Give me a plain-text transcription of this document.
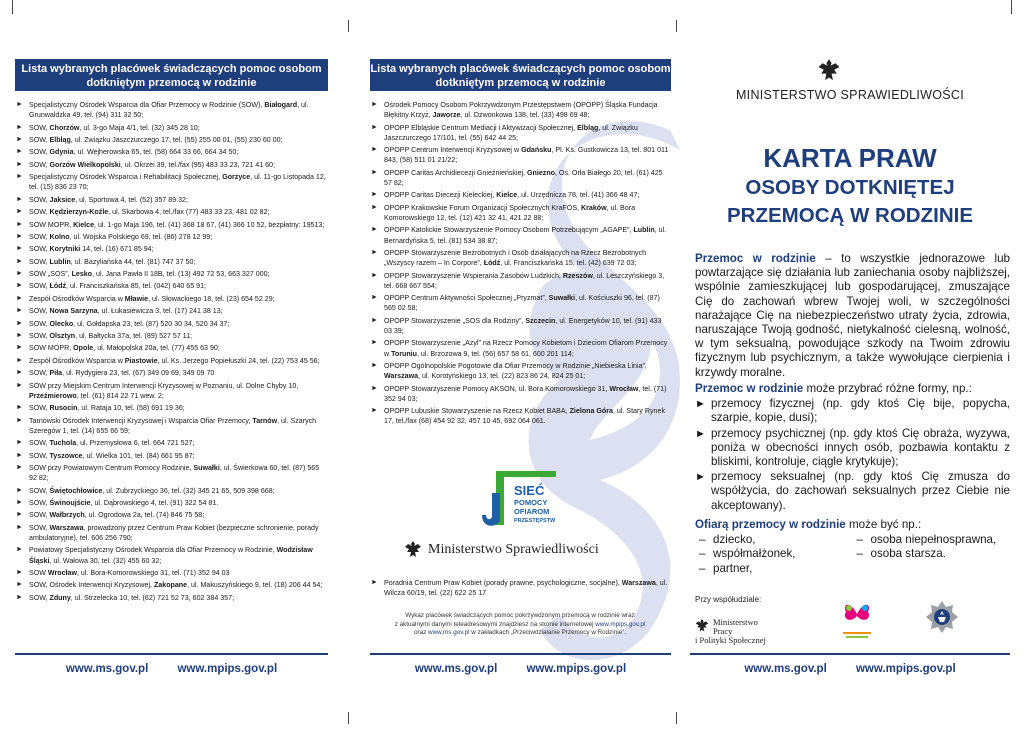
Lista wybranych placówek świadczących pomoc osobom dotkniętym przemocą w rodzinie
► Specjalistyczny Ośrodek Wsparcia dla Ofiar Przemocy w Rodzinie (SOW), Białogard, ul. Grunwaldzka 49, tel. (94) 311 32 50;
► SOW, Chorzów, ul. 3-go Maja 4/1, tel. (32) 345 28 10;
► SOW, Elbląg, ul. Związku Jaszczurczego 17, tel. (55) 255 00 01, (55) 230 60 00;
► SOW, Gdynia, ul. Wejherowska 65, tel. (58) 664 33 66, 664 34 50;
► SOW, Gorzów Wielkopolski, ul. Okrzei 39, tel./fax (95) 483 33 23, 721 41 60;
► Specjalistyczny Ośrodek Wsparcia i Rehabilitacji Społecznej, Gorzyce, ul. 11-go Listopada 12, tel. (15) 836 23 70;
► SOW, Jaksice, ul. Sportowa 4, tel. (52) 357 89 32;
► SOW, Kędzierzyn-Koźle, ul. Skarbowa 4, tel./fax (77) 483 33 23, 481 02 82;
► SOW MOPR, Kielce, ul. 1-go Maja 196, tel. (41) 368 18 67, (41) 366 10 52, bezpłatny: 19513;
► SOW, Kolno, ul. Wojska Polskiego 69, tel. (86) 278 12 99;
► SOW, Korytniki 14, tel. (16) 671 85 94;
► SOW, Lublin, ul. Bazyliańska 44, tel. (81) 747 37 50;
► SOW „SOS”, Lesko, ul. Jana Pawła II 18B, tel. (13) 492 72 53, 663 327 000;
► SOW, Łódź, ul. Franciszkańska 85, tel. (042) 640 65 91;
► Zespół Ośrodków Wsparcia w Mławie, ul. Słowackiego 18, tel. (23) 654 52 29;
► SOW, Nowa Sarzyna, ul. Łukasiewicza 3, tel. (17) 241 38 13;
► SOW, Olecko, ul. Gołdapska 23, tel. (87) 520 30 34, 520 34 37;
► SOW, Olsztyn, ul. Bałtycka 37a, tel. (89) 527 57 11;
► SOW MOPR, Opole, ul. Małopolska 20a, tel. (77) 455 63 90;
► Zespół Ośrodków Wsparcia w Piastowie, ul. Ks. Jerzego Popiełuszki 24, tel. (22) 753 45 56;
► SOW, Piła, ul. Rydygiera 23, tel. (67) 349 09 69, 349 09 70
► SOW przy Miejskim Centrum Interwencji Kryzysowej w Poznaniu, ul. Dolne Chyby 10, Przeźmierowo, tel. (61) 814 22 71 wew. 2;
► SOW, Rusocin, ul. Rataja 10, tel. (58) 691 19 36;
► Tarnowski Ośrodek Interwencji Kryzysowej i Wsparcia Ofiar Przemocy, Tarnów, ul. Szarych Szeregów 1, tel. (14) 655 66 59;
► SOW, Tuchola, ul. Przemysłowa 6, tel. 664 721 527;
► SOW, Tyszowce, ul. Wielka 101, tel. (84) 661 95 87;
► SOW przy Powiatowym Centrum Pomocy Rodzinie, Suwałki, ul. Świerkowa 60, tel. (87) 565 92 82;
► SOW, Świętochłowice, ul. Zubrzyckiego 36, tel. (32) 345 21 65, 509 398 668;
► SOW, Świnoujście, ul. Dąbrowskiego 4, tel. (91) 322 54 81.
► SOW, Wałbrzych, ul. Ogrodowa 2a, tel. (74) 846 75 58;
► SOW, Warszawa, prowadzony przez Centrum Praw Kobiet (bezpieczne schronienie, porady ambulatoryjne), tel. 606 256 790;
► Powiatowy Specjalistyczny Ośrodek Wsparcia dla Ofiar Przemocy w Rodzinie, Wodzisław Śląski, ul. Wałowa 30, tel. (32) 455 60 32;
► SOW Wrocław, ul. Bora-Komorowskiego 31, tel. (71) 352 94 03
► SOW, Ośrodek Interwencji Kryzysowej, Zakopane, ul. Makuszyńskiego 9, tel. (18) 206 44 54;
► SOW, Zduny, ul. Strzelecka 10, tel. (62) 721 52 73, 602 384 357;
www.ms.gov.pl	www.mpips.gov.pl
Lista wybranych placówek świadczących pomoc osobom dotkniętym przemocą w rodzinie
► Ośrodek Pomocy Osobom Pokrzywdzonym Przestępstwem (OPOPP) Śląska Fundacja Błękitny Krzyż, Jaworze, ul. Dzwonkowa 138, tel. (33) 498 69 48;
► OPOPP Elbląskie Centrum Mediacji i Aktywizacji Społecznej, Elbląg, ul. Związku Jaszczurczego 17/101, tel. (55) 642 44 25;
► OPOPP Centrum Interwencji Kryzysowej w Gdańsku, Pl. Ks. Gustkowicza 13, tel. 801 011 843, (58) 511 01 21/22;
► OPOPP Caritas Archidiecezji Gnieźnieńskiej, Gniezno, Os. Orła Białego 20, tel. (61) 425 57 82;
► OPOPP Caritas Diecezji Kieleckiej, Kielce, ul. Urzędnicza 78, tel. (41) 366 48 47;
► OPOPP Krakowskie Forum Organizacji Społecznych KraFOS, Kraków, ul. Bora Komorowskiego 12, tel. (12) 421 32 41, 421 22 88;
► OPOPP Katolickie Stowarzyszenie Pomocy Osobom Potrzebującym „AGAPE”, Lublin, ul. Bernardyńska 5, tel. (81) 534 38 87;
► OPOPP Stowarzyszenie Bezrobotnych i Osób działających na Rzecz Bezrobotnych „Wszyscy razem – In Corpore”, Łódź, ul. Franciszkańska 15, tel. (42) 639 72 03;
► OPOPP Stowarzyszenie Wspierania Zasobów Ludzkich, Rzeszów, ul. Leszczyńskiego 3, tel. 668 667 554;
► OPOPP Centrum Aktywności Społecznej „Pryzmat”, Suwałki, ul. Kościuszki 96, tel. (87) 565 02 58;
► OPOPP Stowarzyszenie „SOS dla Rodziny”, Szczecin, ul. Energetyków 10, tel. (91) 433 03 39;
► OPOPP Stowarzyszenie „Azyl” na Rzecz Pomocy Kobietom i Dzieciom Ofiarom Przemocy w Toruniu, ul. Brzozowa 9, tel. (56) 657 58 61, 600 201 114;
► OPOPP Ogólnopolskie Pogotowie dla Ofiar Przemocy w Rodzinie „Niebieska Linia”, Warszawa, ul. Korotyńskiego 13, tel. (22) 823 86 24, 824 25 01;
► OPOPP Stowarzyszenie Pomocy AKSON, ul. Bora Komorowskiego 31, Wrocław, tel. (71) 352 94 03;
► OPOPP Lubuskie Stowarzyszenie na Rzecz Kobiet BABA, Zielona Góra, ul. Stary Rynek 17, tel./fax (68) 454 92 32, 457 10 45, 692 064 061.
www.ms.gov.pl	www.mpips.gov.pl
SIEĆ
POMOCY
OFIAROM
PRZESTĘPSTW
Ministerstwo Sprawiedliwości
► Poradnia Centrum Praw Kobiet (porady prawne, psychologiczne, socjalne), Warszawa, ul. Wilcza 60/19, tel. (22) 622 25 17
Wykaz placówek świadczących pomoc pokrzywdzonym przemocą w rodzinie wraz
z aktualnymi danymi teleadresowymi znajdziesz na stronie internetowej www.mpips.gov.pl
oraz www.ms.gov.pl w zakładkach „Przeciwdziałanie Przemocy w Rodzinie”.
MINISTERSTWO SPRAWIEDLIWOŚCI
KARTA PRAW
OSOBY DOTKNIĘTEJ
PRZEMOCĄ W RODZINIE
Przemoc w rodzinie – to wszystkie jednorazowe lub powtarzające się działania lub zaniechania osoby najbliższej, wspólnie zamieszkującej lub gospodarującej, zmuszające Cię do zachowań wbrew Twojej woli, w szczególności narażające Cię na niebezpieczeństwo utraty życia, zdrowia, naruszające Twoją godność, nietykalność cielesną, wolność, w tym seksualną, powodujące szkody na Twoim zdrowiu fizycznym lub psychicznym, a także wywołujące cierpienia i krzywdy moralne.
Przemoc w rodzinie może przybrać różne formy, np.:
► przemocy fizycznej (np. gdy ktoś Cię bije, popycha, szarpie, kopie, dusi);
► przemocy psychicznej (np. gdy ktoś Cię obraża, wyzywa, poniża w obecności innych osób, pozbawia kontaktu z bliskimi, kontroluje, ciągle krytykuje);
► przemocy seksualnej (np. gdy ktoś Cię zmusza do współżycia, do zachowań seksualnych przez Ciebie nie akceptowany).
Ofiarą przemocy w rodzinie może być np.:
– dziecko,
– współmałżonek,
– partner,
– osoba niepełnosprawna,
– osoba starsza.
Przy współudziale:
Ministerstwo Pracy
i Polityki Społecznej
www.ms.gov.pl	www.mpips.gov.pl
